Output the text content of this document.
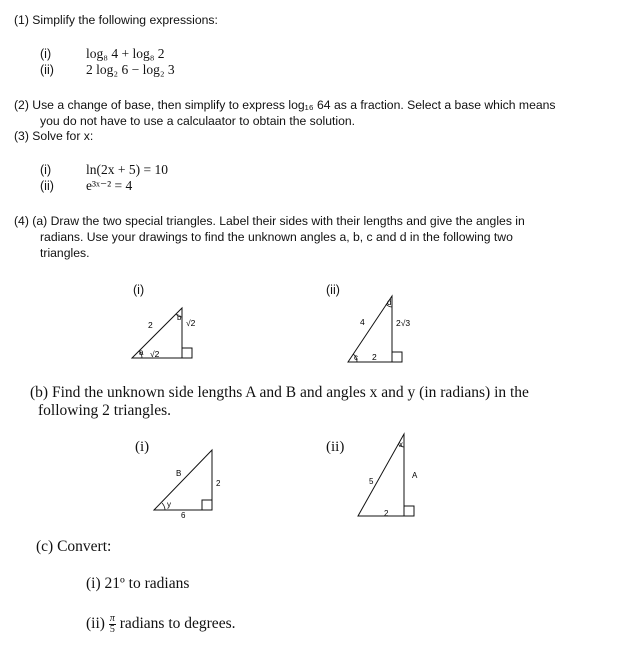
(1) Simplify the following expressions:
(i)	log₈ 4 + log₈ 2
(ii) 2 log₂ 6 − log₂ 3
(2) Use a change of base, then simplify to express log₁₆ 64 as a fraction. Select a base which means
you do not have to use a calculaator to obtain the solution.
(3) Solve for x:
(i)	ln(2x + 5) = 10
(ii) e³ˣ⁻² = 4
(4) (a) Draw the two special triangles. Label their sides with their lengths and give the angles in
radians. Use your drawings to find the unknown angles a, b, c and d in the following two
triangles.
(i)	(ii)
2	√2
√2
b
a
4	2√3
2
d
c
(b) Find the unknown side lengths A and B and angles x and y (in radians) in the
following 2 triangles.
(i)	(ii)
B
2
6
y
5
A
2
x
(c) Convert:
(i) 21º to radians
$(ii) \frac{\pi}{5}$ radians to degrees.
